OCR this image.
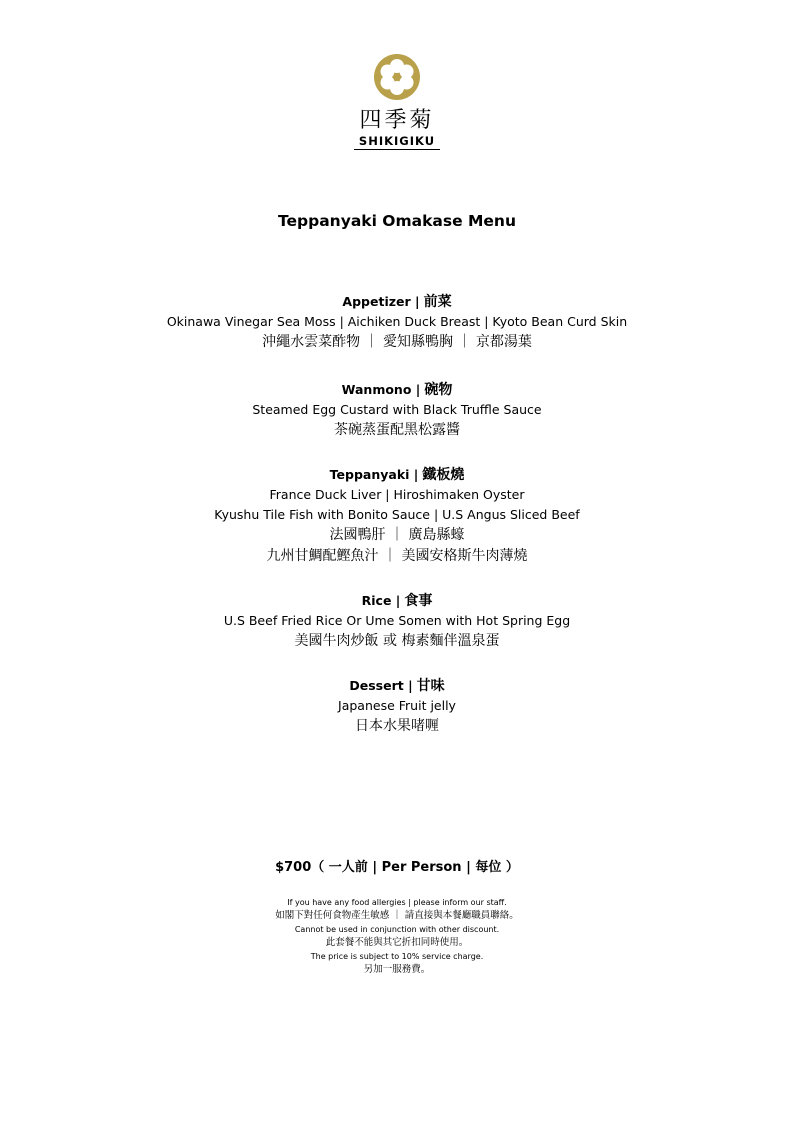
四季菊
SHIKIGIKU
Teppanyaki Omakase Menu
Appetizer | 前菜
Okinawa Vinegar Sea Moss | Aichiken Duck Breast | Kyoto Bean Curd Skin
沖繩水雲菜酢物 ｜ 愛知縣鴨胸 ｜ 京都湯葉
Wanmono | 碗物
Steamed Egg Custard with Black Truffle Sauce
茶碗蒸蛋配黑松露醬
Teppanyaki | 鐵板燒
France Duck Liver | Hiroshimaken Oyster
Kyushu Tile Fish with Bonito Sauce | U.S Angus Sliced Beef
法國鴨肝 ｜ 廣島縣蠔
九州甘鯛配鰹魚汁 ｜ 美國安格斯牛肉薄燒
Rice | 食事
U.S Beef Fried Rice Or Ume Somen with Hot Spring Egg
美國牛肉炒飯 或 梅素麵伴溫泉蛋
Dessert | 甘味
Japanese Fruit jelly
日本水果啫喱
$700（ 一人前 | Per Person | 每位 ）
If you have any food allergies | please inform our staff.
如閣下對任何食物產生敏感 ｜ 請直接與本餐廳職員聯絡。
Cannot be used in conjunction with other discount.
此套餐不能與其它折扣同時使用。
The price is subject to 10% service charge.
另加一服務費。
